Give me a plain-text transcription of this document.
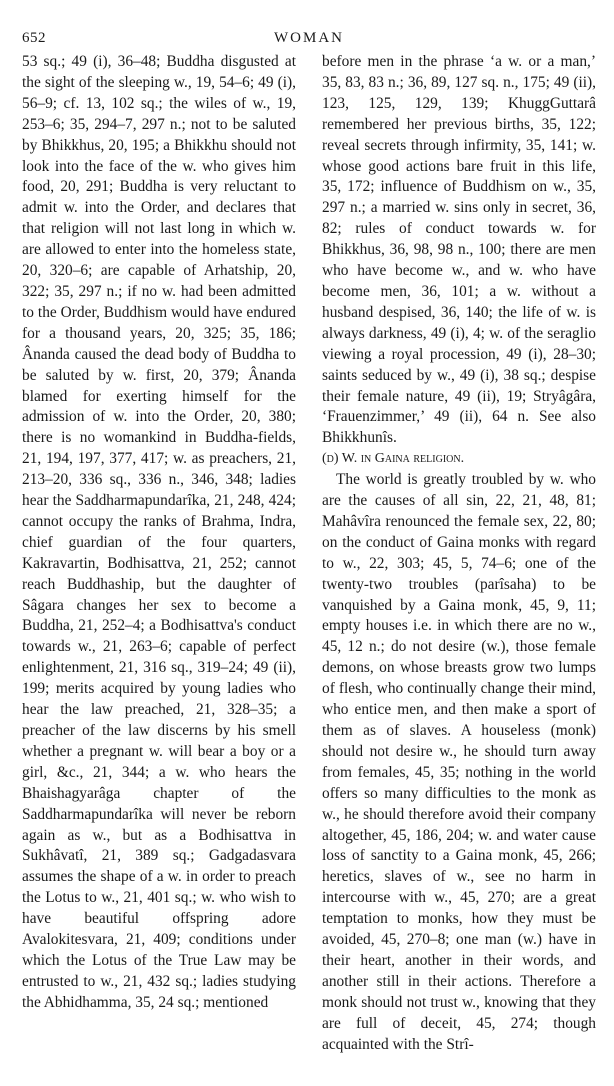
652	WOMAN

53 sq.; 49 (i), 36–48; Buddha disgusted at the sight of the sleeping w., 19, 54–6; 49 (i), 56–9; cf. 13, 102 sq.; the wiles of w., 19, 253–6; 35, 294–7, 297 n.; not to be saluted by Bhikkhus, 20, 195; a Bhikkhu should not look into the face of the w. who gives him food, 20, 291; Buddha is very reluctant to admit w. into the Order, and declares that that religion will not last long in which w. are allowed to enter into the homeless state, 20, 320–6; are capable of Arhatship, 20, 322; 35, 297 n.; if no w. had been admitted to the Order, Buddhism would have endured for a thousand years, 20, 325; 35, 186; Ânanda caused the dead body of Buddha to be saluted by w. first, 20, 379; Ânanda blamed for exerting himself for the admission of w. into the Order, 20, 380; there is no womankind in Buddha-fields, 21, 194, 197, 377, 417; w. as preachers, 21, 213–20, 336 sq., 336 n., 346, 348; ladies hear the Saddharmapundarîka, 21, 248, 424; cannot occupy the ranks of Brahma, Indra, chief guardian of the four quarters, Kakravartin, Bodhisattva, 21, 252; cannot reach Buddhaship, but the daughter of Sâgara changes her sex to become a Buddha, 21, 252–4; a Bodhisattva's conduct towards w., 21, 263–6; capable of perfect enlightenment, 21, 316 sq., 319–24; 49 (ii), 199; merits acquired by young ladies who hear the law preached, 21, 328–35; a preacher of the law discerns by his smell whether a pregnant w. will bear a boy or a girl, &c., 21, 344; a w. who hears the Bhaishagyarâga chapter of the Saddharmapundarîka will never be reborn again as w., but as a Bodhisattva in Sukhâvatî, 21, 389 sq.; Gadgadasvara assumes the shape of a w. in order to preach the Lotus to w., 21, 401 sq.; w. who wish to have beautiful offspring adore Avalokitesvara, 21, 409; conditions under which the Lotus of the True Law may be entrusted to w., 21, 432 sq.; ladies studying the Abhidhamma, 35, 24 sq.; mentioned

before men in the phrase ‘a w. or a man,’ 35, 83, 83 n.; 36, 89, 127 sq. n., 175; 49 (ii), 123, 125, 129, 139; KhuggGuttarâ remembered her previous births, 35, 122; reveal secrets through infirmity, 35, 141; w. whose good actions bare fruit in this life, 35, 172; influence of Buddhism on w., 35, 297 n.; a married w. sins only in secret, 36, 82; rules of conduct towards w. for Bhikkhus, 36, 98, 98 n., 100; there are men who have become w., and w. who have become men, 36, 101; a w. without a husband despised, 36, 140; the life of w. is always darkness, 49 (i), 4; w. of the seraglio viewing a royal procession, 49 (i), 28–30; saints seduced by w., 49 (i), 38 sq.; despise their female nature, 49 (ii), 19; Stryâgâra, ‘Frauenzimmer,’ 49 (ii), 64 n. See also Bhikkhunîs.

(d) W. in Gaina religion.

The world is greatly troubled by w. who are the causes of all sin, 22, 21, 48, 81; Mahâvîra renounced the female sex, 22, 80; on the conduct of Gaina monks with regard to w., 22, 303; 45, 5, 74–6; one of the twenty-two troubles (parîsaha) to be vanquished by a Gaina monk, 45, 9, 11; empty houses i.e. in which there are no w., 45, 12 n.; do not desire (w.), those female demons, on whose breasts grow two lumps of flesh, who continually change their mind, who entice men, and then make a sport of them as of slaves. A houseless (monk) should not desire w., he should turn away from females, 45, 35; nothing in the world offers so many difficulties to the monk as w., he should therefore avoid their company altogether, 45, 186, 204; w. and water cause loss of sanctity to a Gaina monk, 45, 266; heretics, slaves of w., see no harm in intercourse with w., 45, 270; are a great temptation to monks, how they must be avoided, 45, 270–8; one man (w.) have in their heart, another in their words, and another still in their actions. Therefore a monk should not trust w., knowing that they are full of deceit, 45, 274; though acquainted with the Strî-
